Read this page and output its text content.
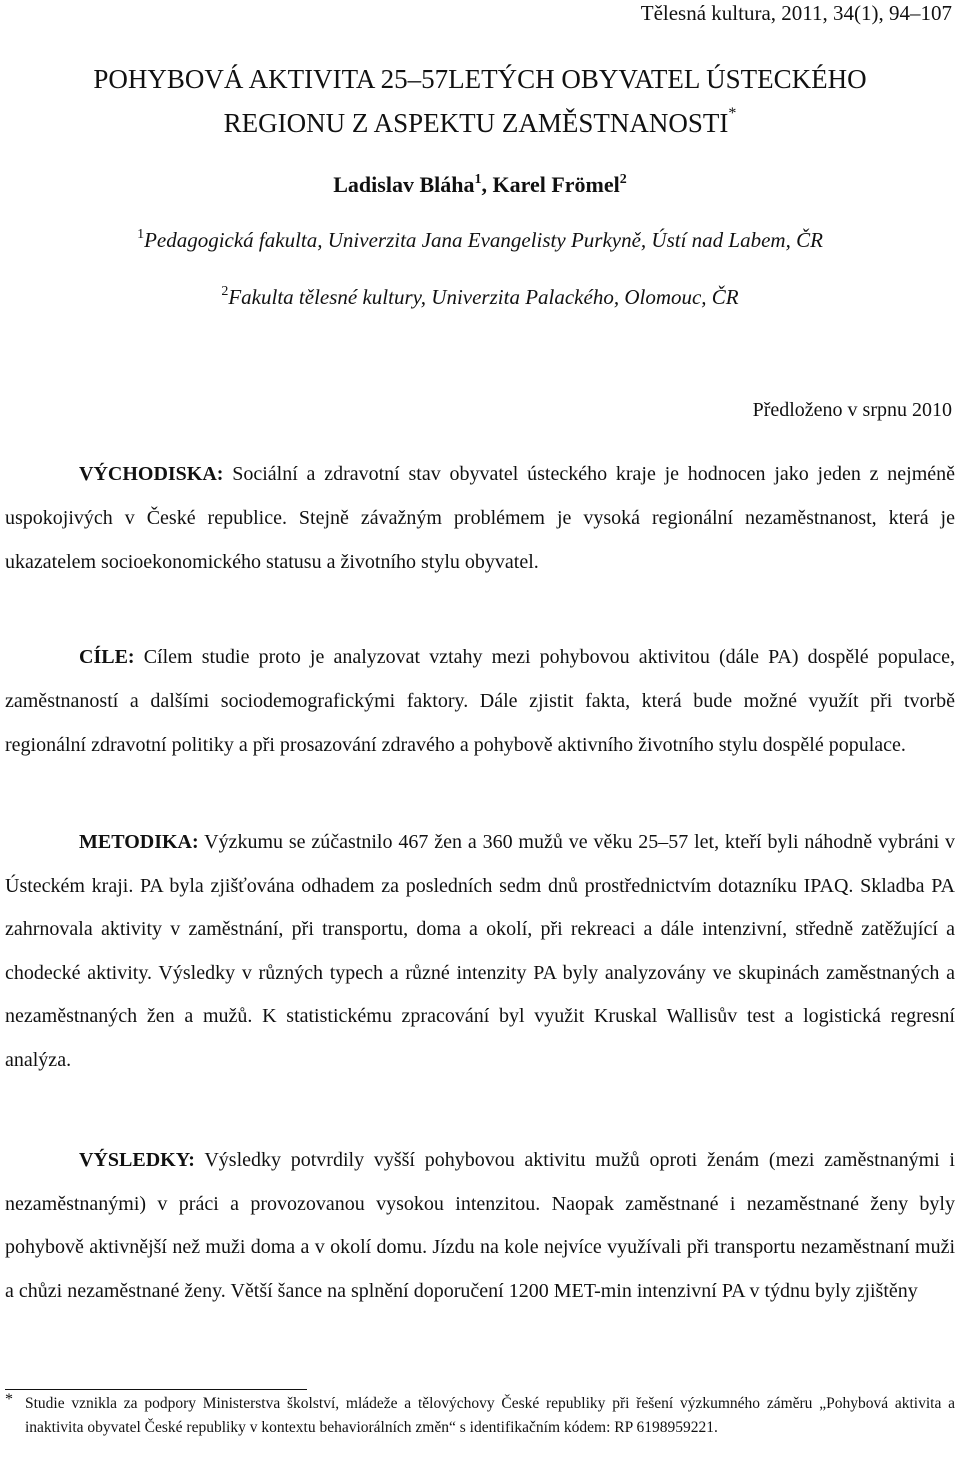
Tělesná kultura, 2011, 34(1), 94–107
POHYBOVÁ AKTIVITA 25–57LETÝCH OBYVATEL ÚSTECKÉHO
REGIONU Z ASPEKTU ZAMĚSTNANOSTI*
Ladislav Bláha$^1$, Karel Frömel$^2$
$^1$Pedagogická fakulta, Univerzita Jana Evangelisty Purkyně, Ústí nad Labem, ČR
$^2$Fakulta tělesné kultury, Univerzita Palackého, Olomouc, ČR
Předloženo v srpnu 2010

VÝCHODISKA: Sociální a zdravotní stav obyvatel ústeckého kraje je hodnocen jako jeden z nejméně uspokojivých v České republice. Stejně závažným problémem je vysoká regionální nezaměstnanost, která je ukazatelem socioekonomického statusu a životního stylu obyvatel.

CÍLE: Cílem studie proto je analyzovat vztahy mezi pohybovou aktivitou (dále PA) dospělé populace, zaměstnaností a dalšími sociodemografickými faktory. Dále zjistit fakta, která bude možné využít při tvorbě regionální zdravotní politiky a při prosazování zdravého a pohybově aktivního životního stylu dospělé populace.

METODIKA: Výzkumu se zúčastnilo 467 žen a 360 mužů ve věku 25–57 let, kteří byli náhodně vybráni v Ústeckém kraji. PA byla zjišťována odhadem za posledních sedm dnů prostřednictvím dotazníku IPAQ. Skladba PA zahrnovala aktivity v zaměstnání, při transportu, doma a okolí, při rekreaci a dále intenzivní, středně zatěžující a chodecké aktivity. Výsledky v různých typech a různé intenzity PA byly analyzovány ve skupinách zaměstnaných a nezaměstnaných žen a mužů. K statistickému zpracování byl využit Kruskal Wallisův test a logistická regresní analýza.

VÝSLEDKY: Výsledky potvrdily vyšší pohybovou aktivitu mužů oproti ženám (mezi zaměstnanými i nezaměstnanými) v práci a provozovanou vysokou intenzitou. Naopak zaměstnané i nezaměstnané ženy byly pohybově aktivnější než muži doma a v okolí domu. Jízdu na kole nejvíce využívali při transportu nezaměstnaní muži a chůzi nezaměstnané ženy. Větší šance na splnění doporučení 1200 MET-min intenzivní PA v týdnu byly zjištěny

* Studie vznikla za podpory Ministerstva školství, mládeže a tělovýchovy České republiky při řešení výzkumného záměru „Pohybová aktivita a inaktivita obyvatel České republiky v kontextu behaviorálních změn“ s identifikačním kódem: RP 6198959221.
